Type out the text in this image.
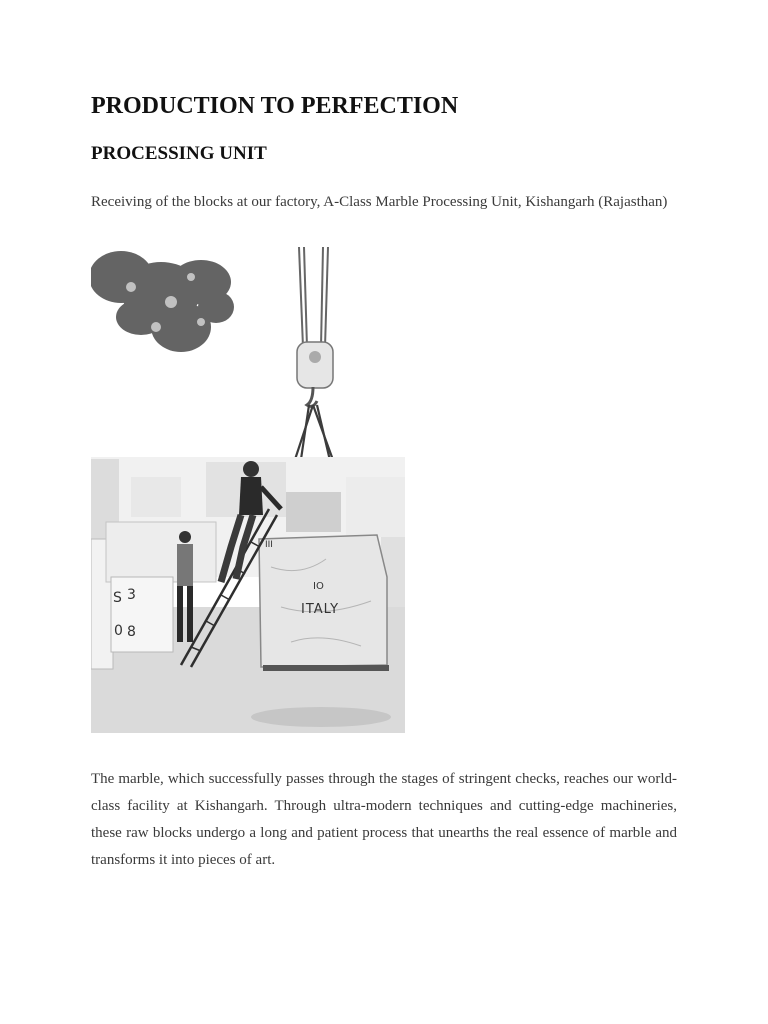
PRODUCTION TO PERFECTION
PROCESSING UNIT

Receiving of the blocks at our factory, A-Class Marble Processing Unit, Kishangarh (Rajasthan)

S 3
0 8
ITALY
IO
III

The marble, which successfully passes through the stages of stringent checks, reaches our world-class facility at Kishangarh. Through ultra-modern techniques and cutting-edge machineries, these raw blocks undergo a long and patient process that unearths the real essence of marble and transforms it into pieces of art.
